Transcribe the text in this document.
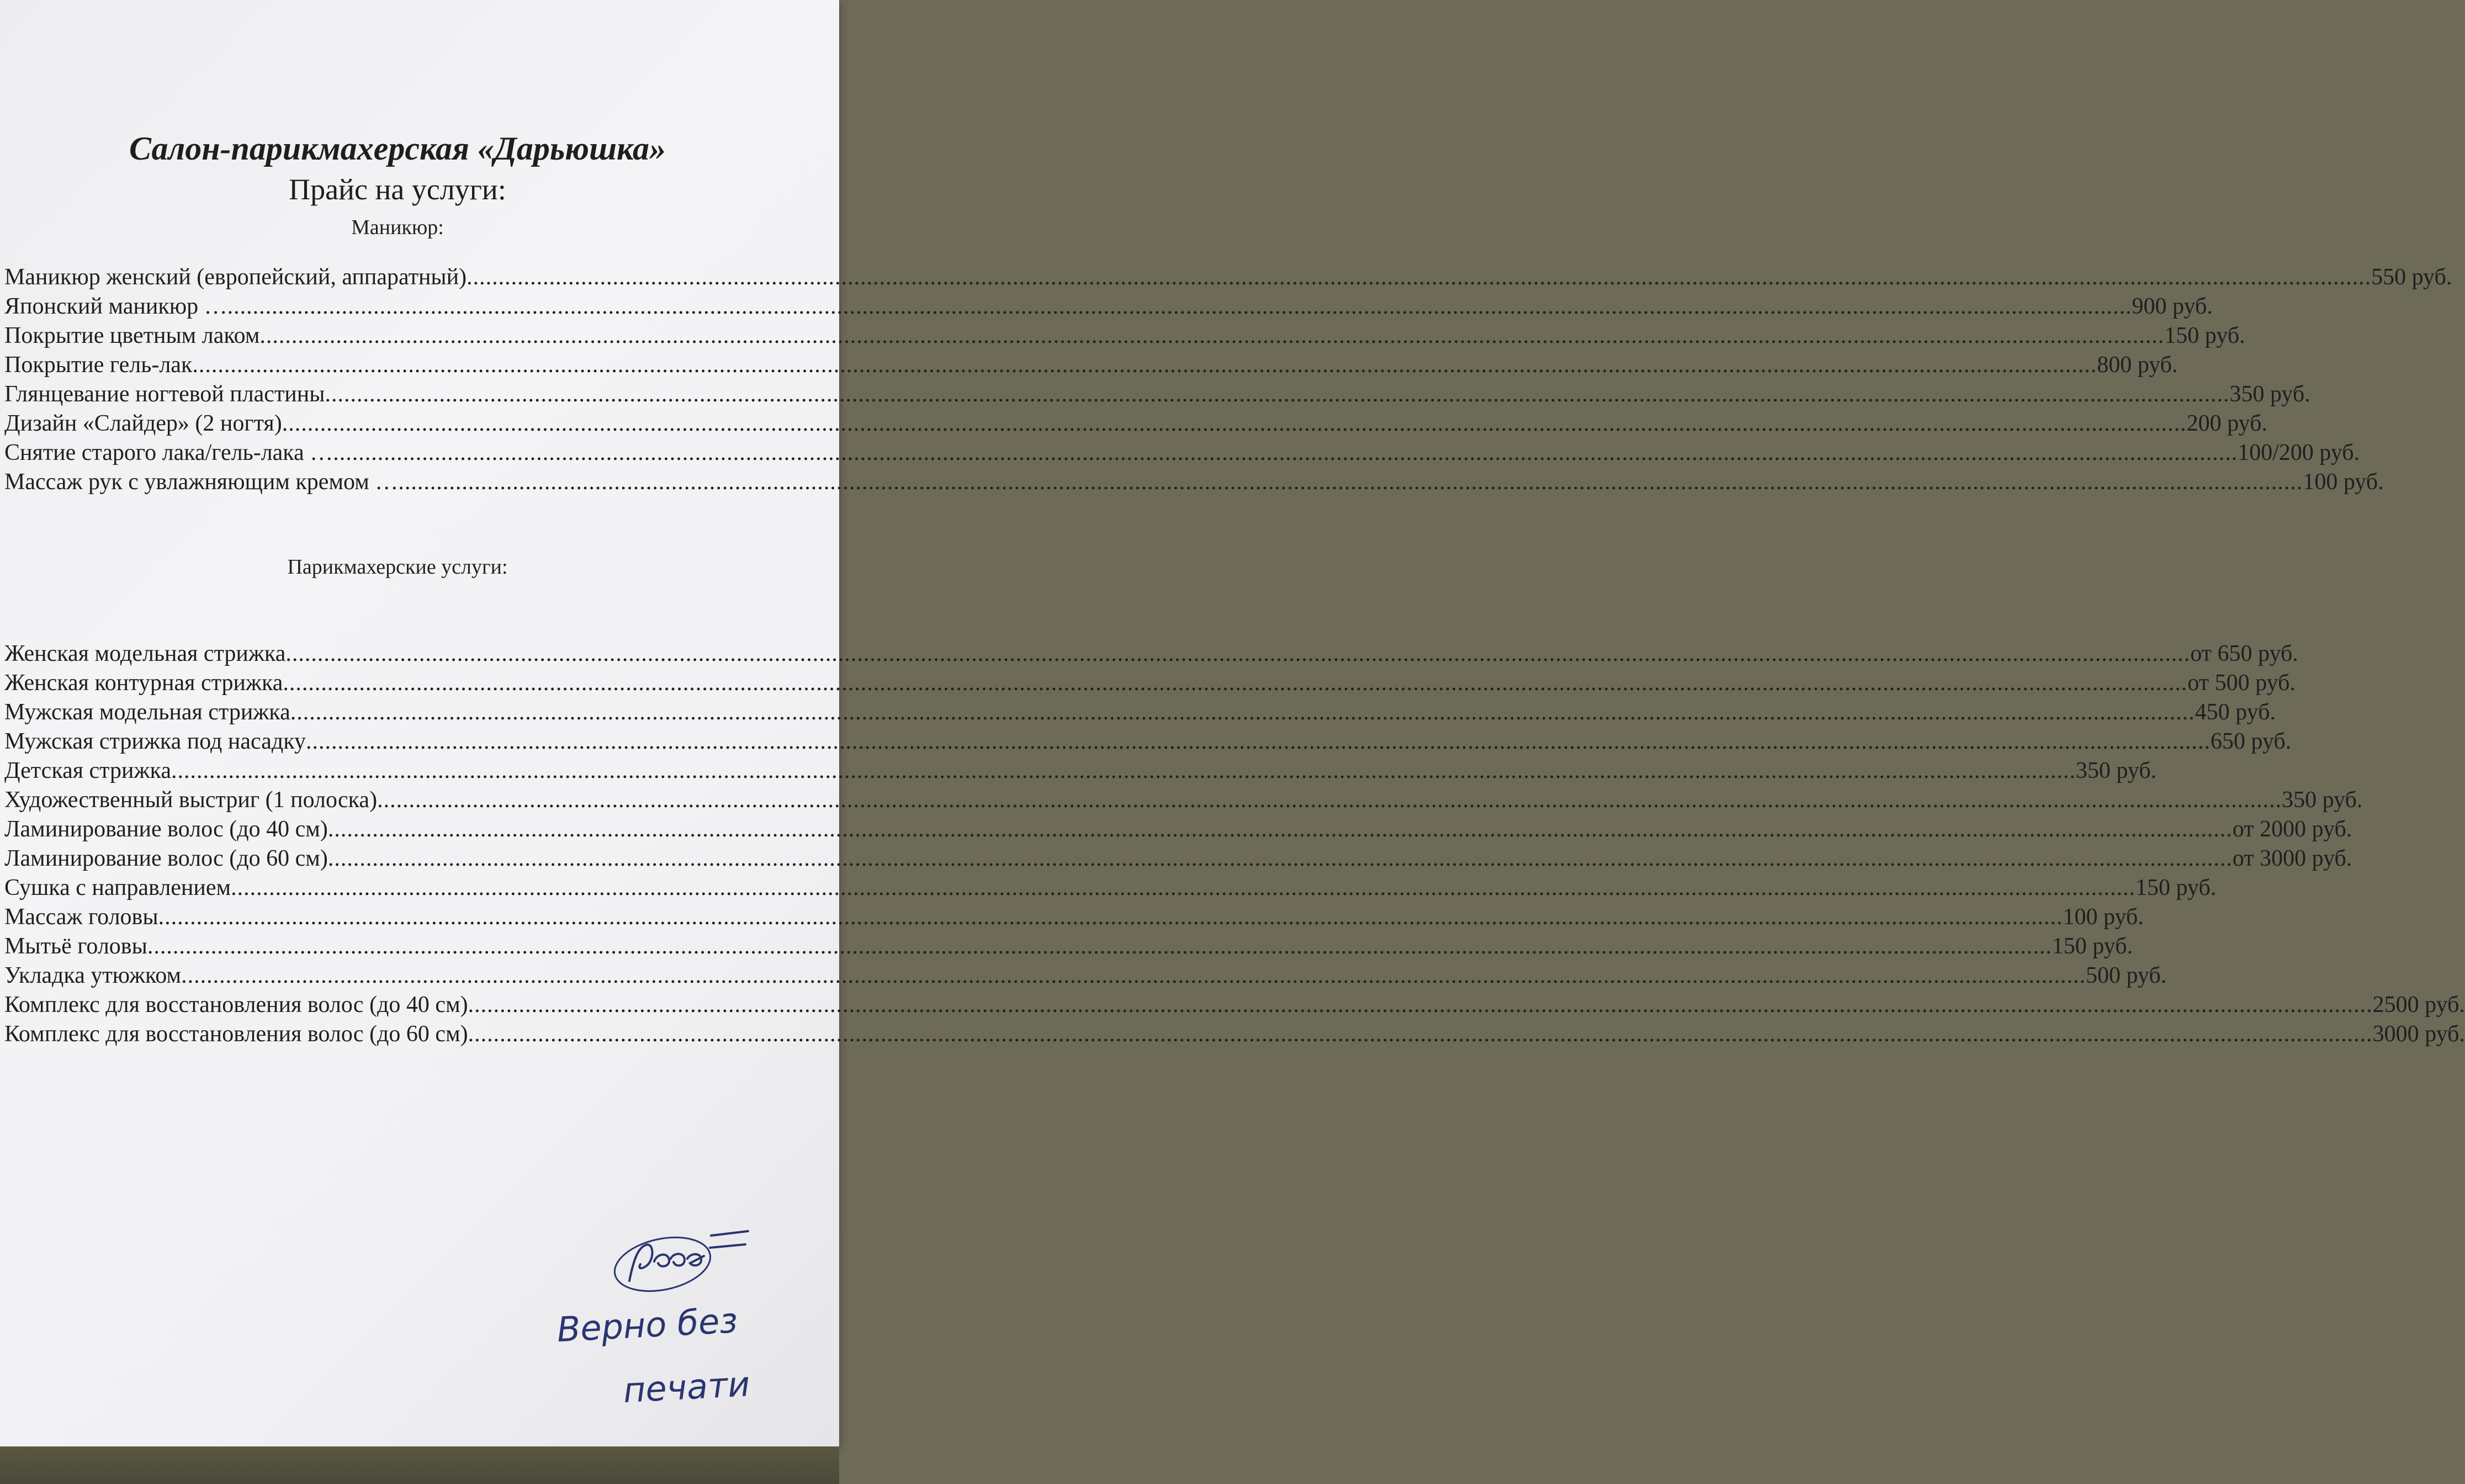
Салон-парикмахерская «Дарьюшка»
Прайс на услуги:
Маникюр:
Маникюр женский (европейский, аппаратный) ............................................................................................................................................................................................................................................................................................................ 550 руб.
Японский маникюр … ............................................................................................................................................................................................................................................................................................................ 900 руб.
Покрытие цветным лаком ............................................................................................................................................................................................................................................................................................................ 150 руб.
Покрытие гель-лак ............................................................................................................................................................................................................................................................................................................ 800 руб.
Глянцевание ногтевой пластины ............................................................................................................................................................................................................................................................................................................ 350 руб.
Дизайн «Слайдер» (2 ногтя) ............................................................................................................................................................................................................................................................................................................ 200 руб.
Снятие старого лака/гель-лака … ............................................................................................................................................................................................................................................................................................................ 100/200 руб.
Массаж рук с увлажняющим кремом … ............................................................................................................................................................................................................................................................................................................ 100 руб.
Парикмахерские услуги:
Женская модельная стрижка ............................................................................................................................................................................................................................................................................................................ от 650 руб.
Женская контурная стрижка ............................................................................................................................................................................................................................................................................................................ от 500 руб.
Мужская модельная стрижка ............................................................................................................................................................................................................................................................................................................ 450 руб.
Мужская стрижка под насадку ............................................................................................................................................................................................................................................................................................................ 650 руб.
Детская стрижка ............................................................................................................................................................................................................................................................................................................ 350 руб.
Художественный выстриг (1 полоска) ............................................................................................................................................................................................................................................................................................................ 350 руб.
Ламинирование волос (до 40 см) ............................................................................................................................................................................................................................................................................................................ от 2000 руб.
Ламинирование волос (до 60 см) ............................................................................................................................................................................................................................................................................................................ от 3000 руб.
Сушка с направлением ............................................................................................................................................................................................................................................................................................................ 150 руб.
Массаж головы ............................................................................................................................................................................................................................................................................................................ 100 руб.
Мытьё головы ............................................................................................................................................................................................................................................................................................................ 150 руб.
Укладка утюжком ............................................................................................................................................................................................................................................................................................................ 500 руб.
Комплекс для восстановления волос (до 40 см) ............................................................................................................................................................................................................................................................................................................ 2500 руб.
Комплекс для восстановления волос (до 60 см) ............................................................................................................................................................................................................................................................................................................ 3000 руб.
Верно без
печати
